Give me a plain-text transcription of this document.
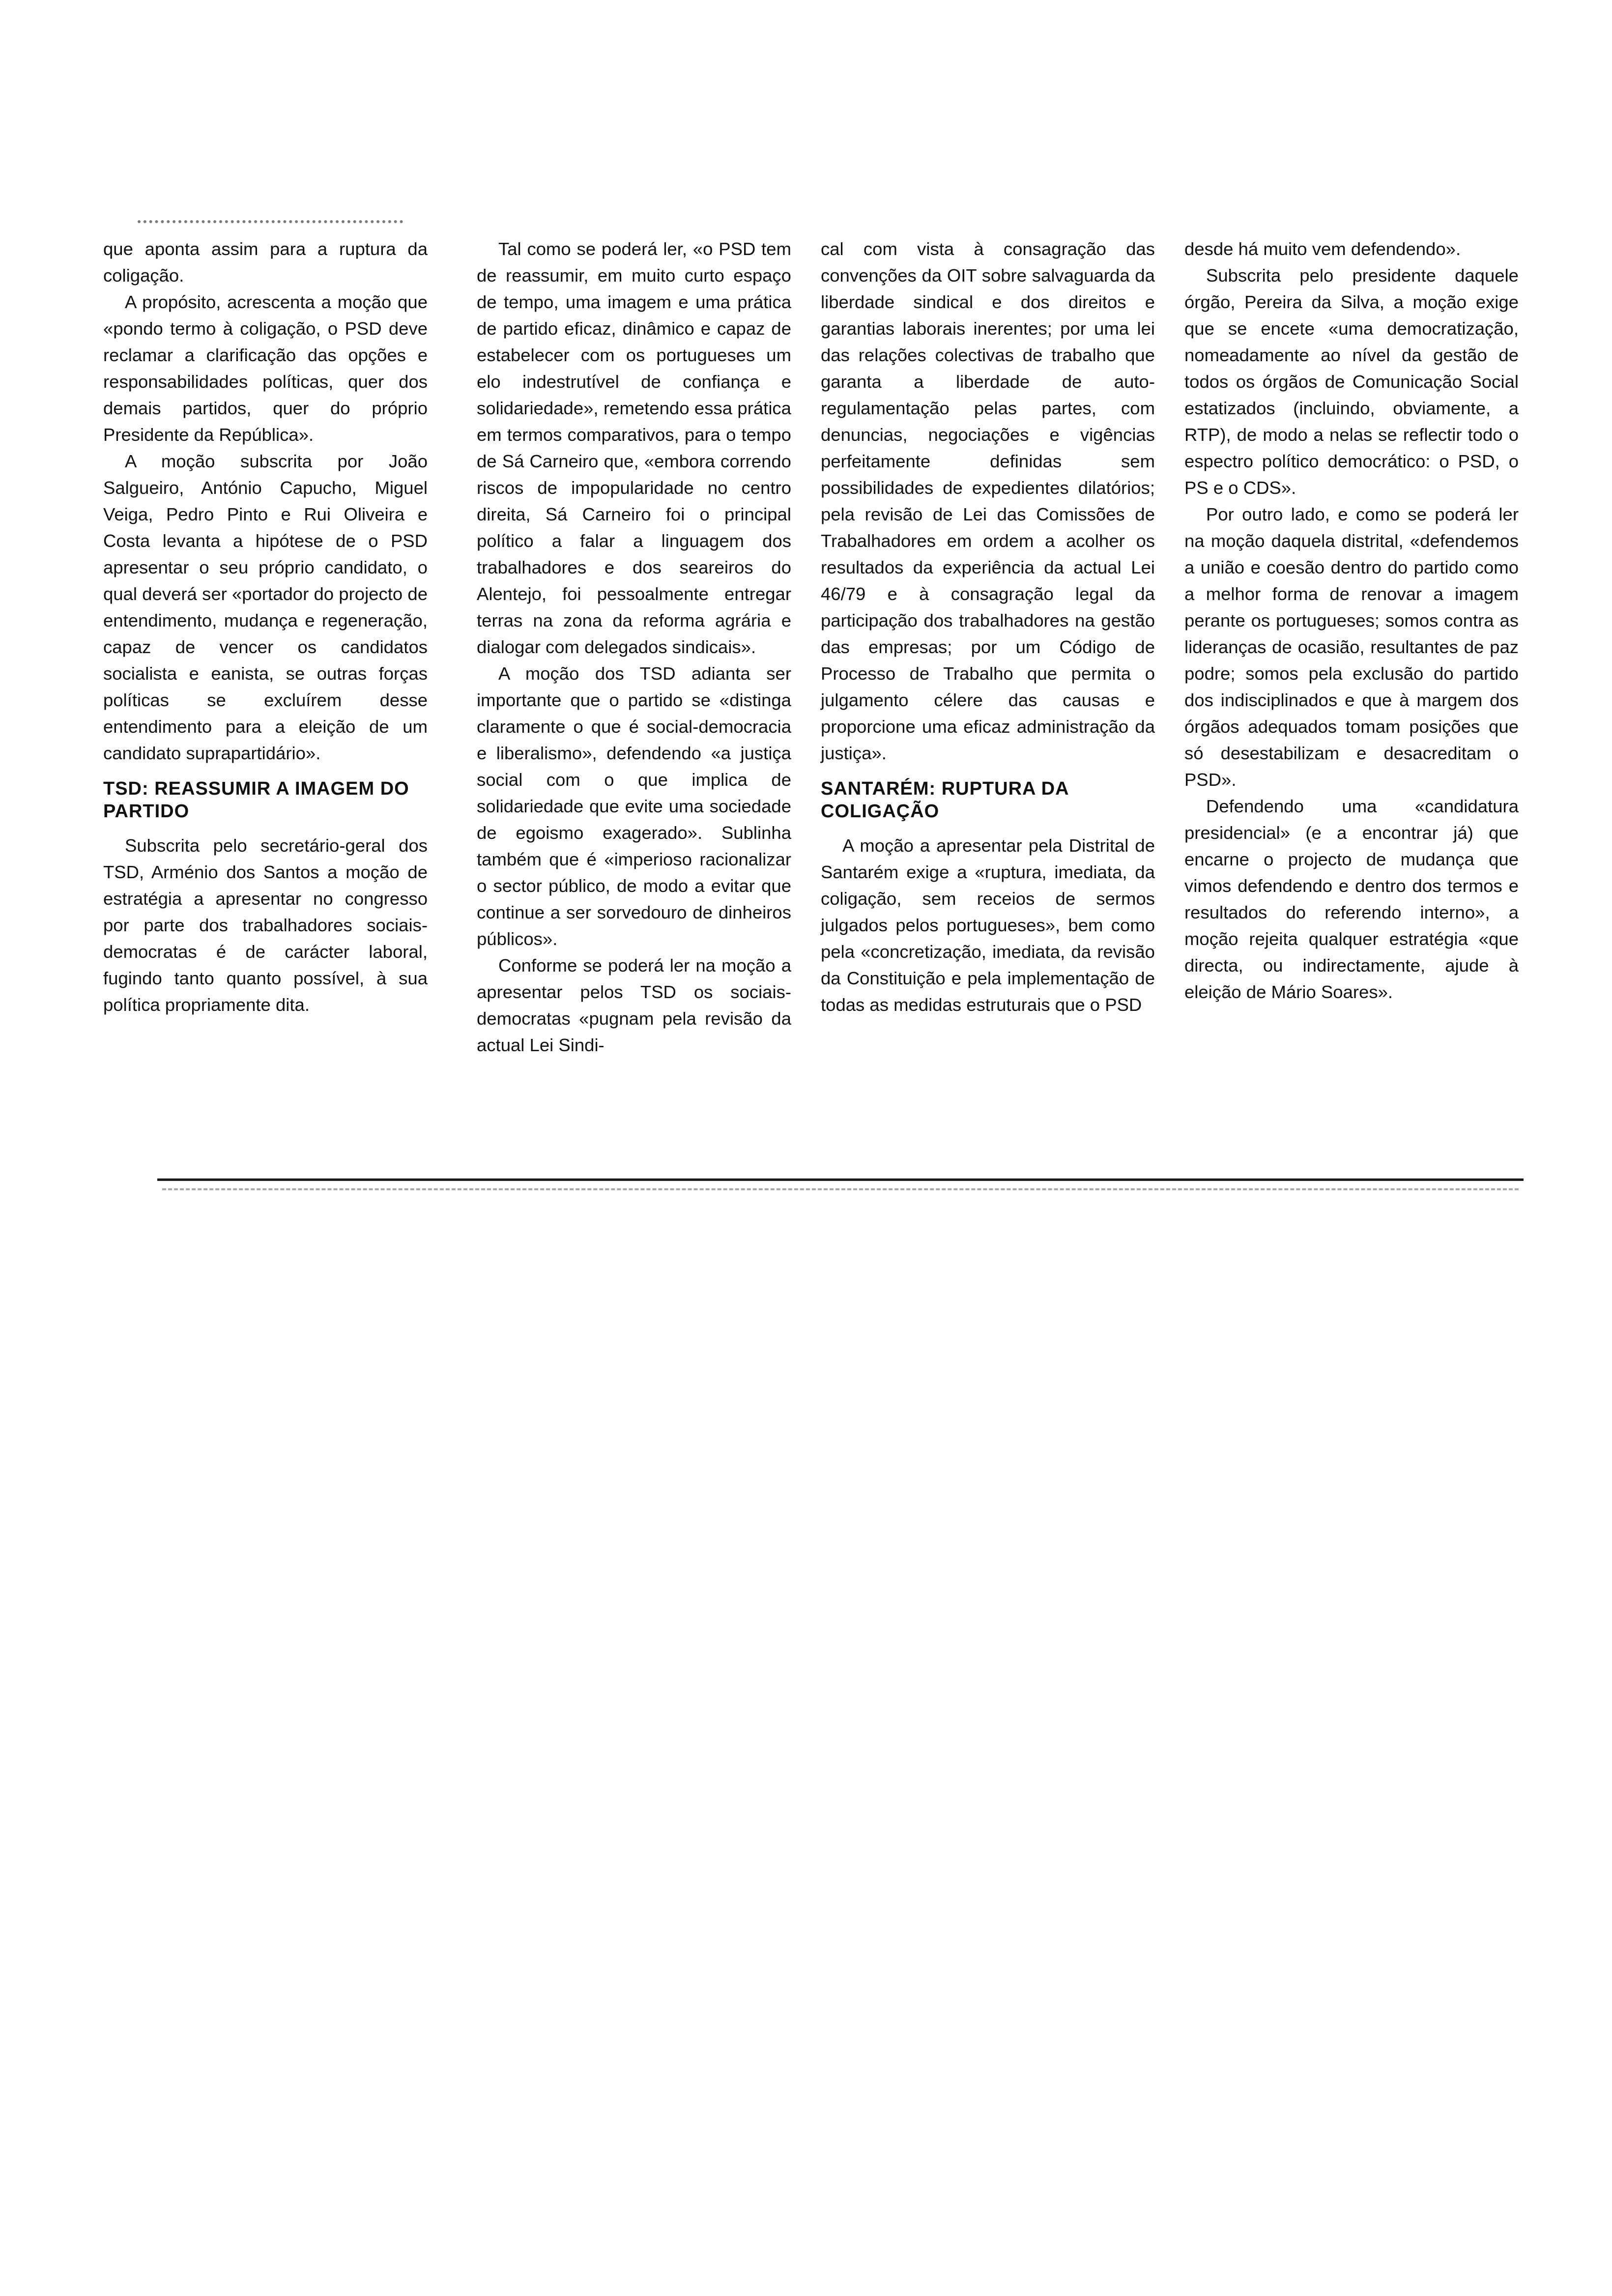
que aponta assim para a ruptura da coligação.

A propósito, acrescenta a moção que «pondo termo à coligação, o PSD deve reclamar a clarificação das opções e responsabilidades políticas, quer dos demais partidos, quer do próprio Presidente da República».

A moção subscrita por João Salgueiro, António Capucho, Miguel Veiga, Pedro Pinto e Rui Oliveira e Costa levanta a hipótese de o PSD apresentar o seu próprio candidato, o qual deverá ser «portador do projecto de entendimento, mudança e regeneração, capaz de vencer os candidatos socialista e eanista, se outras forças políticas se excluírem desse entendimento para a eleição de um candidato suprapartidário».

TSD: REASSUMIR A IMAGEM DO PARTIDO

Subscrita pelo secretário-geral dos TSD, Arménio dos Santos a moção de estratégia a apresentar no congresso por parte dos trabalhadores sociais-democratas é de carácter laboral, fugindo tanto quanto possível, à sua política propriamente dita.

Tal como se poderá ler, «o PSD tem de reassumir, em muito curto espaço de tempo, uma imagem e uma prática de partido eficaz, dinâmico e capaz de estabelecer com os portugueses um elo indestrutível de confiança e solidariedade», remetendo essa prática em termos comparativos, para o tempo de Sá Carneiro que, «embora correndo riscos de impopularidade no centro direita, Sá Carneiro foi o principal político a falar a linguagem dos trabalhadores e dos seareiros do Alentejo, foi pessoalmente entregar terras na zona da reforma agrária e dialogar com delegados sindicais».

A moção dos TSD adianta ser importante que o partido se «distinga claramente o que é social-democracia e liberalismo», defendendo «a justiça social com o que implica de solidariedade que evite uma sociedade de egoismo exagerado». Sublinha também que é «imperioso racionalizar o sector público, de modo a evitar que continue a ser sorvedouro de dinheiros públicos».

Conforme se poderá ler na moção a apresentar pelos TSD os sociais-democratas «pugnam pela revisão da actual Lei Sindi-

cal com vista à consagração das convenções da OIT sobre salvaguarda da liberdade sindical e dos direitos e garantias laborais inerentes; por uma lei das relações colectivas de trabalho que garanta a liberdade de auto-regulamentação pelas partes, com denuncias, negociações e vigências perfeitamente definidas sem possibilidades de expedientes dilatórios; pela revisão de Lei das Comissões de Trabalhadores em ordem a acolher os resultados da experiência da actual Lei 46/79 e à consagração legal da participação dos trabalhadores na gestão das empresas; por um Código de Processo de Trabalho que permita o julgamento célere das causas e proporcione uma eficaz administração da justiça».

SANTARÉM: RUPTURA DA COLIGAÇÃO

A moção a apresentar pela Distrital de Santarém exige a «ruptura, imediata, da coligação, sem receios de sermos julgados pelos portugueses», bem como pela «concretização, imediata, da revisão da Constituição e pela implementação de todas as medidas estruturais que o PSD

desde há muito vem defendendo».

Subscrita pelo presidente daquele órgão, Pereira da Silva, a moção exige que se encete «uma democratização, nomeadamente ao nível da gestão de todos os órgãos de Comunicação Social estatizados (incluindo, obviamente, a RTP), de modo a nelas se reflectir todo o espectro político democrático: o PSD, o PS e o CDS».

Por outro lado, e como se poderá ler na moção daquela distrital, «defendemos a união e coesão dentro do partido como a melhor forma de renovar a imagem perante os portugueses; somos contra as lideranças de ocasião, resultantes de paz podre; somos pela exclusão do partido dos indisciplinados e que à margem dos órgãos adequados tomam posições que só desestabilizam e desacreditam o PSD».

Defendendo uma «candidatura presidencial» (e a encontrar já) que encarne o projecto de mudança que vimos defendendo e dentro dos termos e resultados do referendo interno», a moção rejeita qualquer estratégia «que directa, ou indirectamente, ajude à eleição de Mário Soares».
